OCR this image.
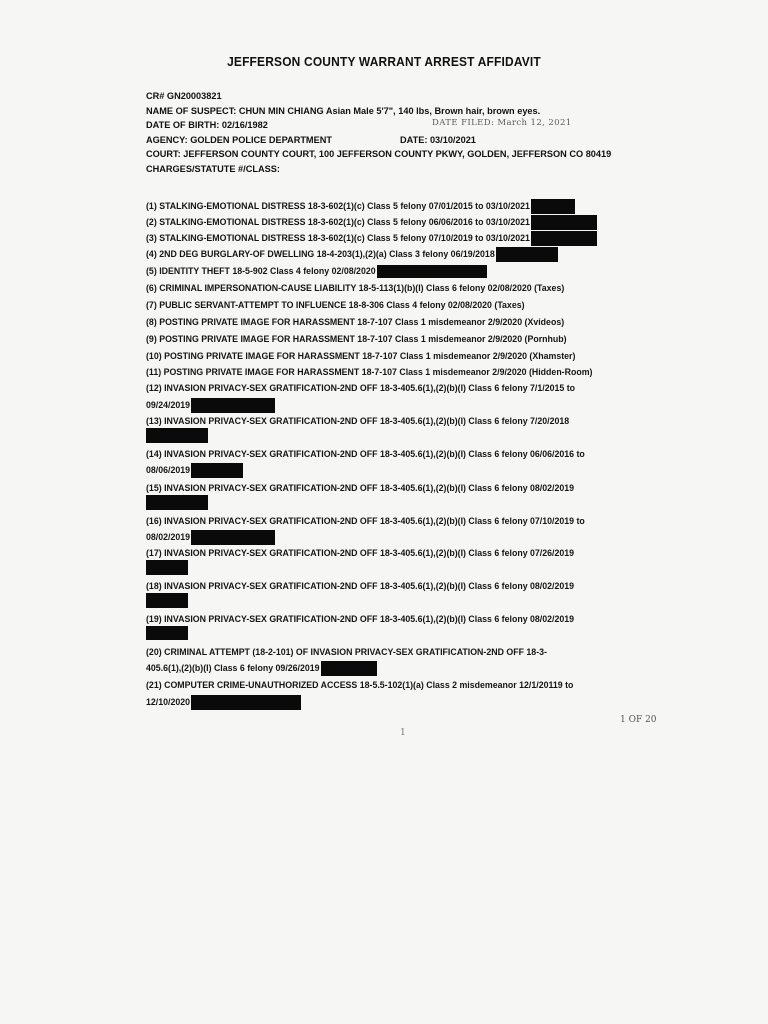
JEFFERSON COUNTY WARRANT ARREST AFFIDAVIT
CR# GN20003821
NAME OF SUSPECT: CHUN MIN CHIANG Asian Male 5'7", 140 lbs, Brown hair, brown eyes.
DATE OF BIRTH: 02/16/1982	DATE FILED: March 12, 2021
AGENCY: GOLDEN POLICE DEPARTMENT	DATE: 03/10/2021
COURT: JEFFERSON COUNTY COURT, 100 JEFFERSON COUNTY PKWY, GOLDEN, JEFFERSON CO 80419
CHARGES/STATUTE #/CLASS:
(1) STALKING-EMOTIONAL DISTRESS 18-3-602(1)(c) Class 5 felony 07/01/2015 to 03/10/2021
(2) STALKING-EMOTIONAL DISTRESS 18-3-602(1)(c) Class 5 felony 06/06/2016 to 03/10/2021
(3) STALKING-EMOTIONAL DISTRESS 18-3-602(1)(c) Class 5 felony 07/10/2019 to 03/10/2021
(4) 2ND DEG BURGLARY-OF DWELLING 18-4-203(1),(2)(a) Class 3 felony 06/19/2018
(5) IDENTITY THEFT 18-5-902 Class 4 felony 02/08/2020
(6) CRIMINAL IMPERSONATION-CAUSE LIABILITY 18-5-113(1)(b)(I) Class 6 felony 02/08/2020 (Taxes)
(7) PUBLIC SERVANT-ATTEMPT TO INFLUENCE 18-8-306 Class 4 felony 02/08/2020 (Taxes)
(8) POSTING PRIVATE IMAGE FOR HARASSMENT 18-7-107 Class 1 misdemeanor 2/9/2020 (Xvideos)
(9) POSTING PRIVATE IMAGE FOR HARASSMENT 18-7-107 Class 1 misdemeanor 2/9/2020 (Pornhub)
(10) POSTING PRIVATE IMAGE FOR HARASSMENT 18-7-107 Class 1 misdemeanor 2/9/2020 (Xhamster)
(11) POSTING PRIVATE IMAGE FOR HARASSMENT 18-7-107 Class 1 misdemeanor 2/9/2020 (Hidden-Room)
(12) INVASION PRIVACY-SEX GRATIFICATION-2ND OFF 18-3-405.6(1),(2)(b)(I) Class 6 felony 7/1/2015 to
09/24/2019
(13) INVASION PRIVACY-SEX GRATIFICATION-2ND OFF 18-3-405.6(1),(2)(b)(I) Class 6 felony 7/20/2018
(14) INVASION PRIVACY-SEX GRATIFICATION-2ND OFF 18-3-405.6(1),(2)(b)(I) Class 6 felony 06/06/2016 to
08/06/2019
(15) INVASION PRIVACY-SEX GRATIFICATION-2ND OFF 18-3-405.6(1),(2)(b)(I) Class 6 felony 08/02/2019
(16) INVASION PRIVACY-SEX GRATIFICATION-2ND OFF 18-3-405.6(1),(2)(b)(I) Class 6 felony 07/10/2019 to
08/02/2019
(17) INVASION PRIVACY-SEX GRATIFICATION-2ND OFF 18-3-405.6(1),(2)(b)(I) Class 6 felony 07/26/2019
(18) INVASION PRIVACY-SEX GRATIFICATION-2ND OFF 18-3-405.6(1),(2)(b)(I) Class 6 felony 08/02/2019
(19) INVASION PRIVACY-SEX GRATIFICATION-2ND OFF 18-3-405.6(1),(2)(b)(I) Class 6 felony 08/02/2019
(20) CRIMINAL ATTEMPT (18-2-101) OF INVASION PRIVACY-SEX GRATIFICATION-2ND OFF 18-3-
405.6(1),(2)(b)(I) Class 6 felony 09/26/2019
(21) COMPUTER CRIME-UNAUTHORIZED ACCESS 18-5.5-102(1)(a) Class 2 misdemeanor 12/1/20119 to
12/10/2020
1 OF 20
1
